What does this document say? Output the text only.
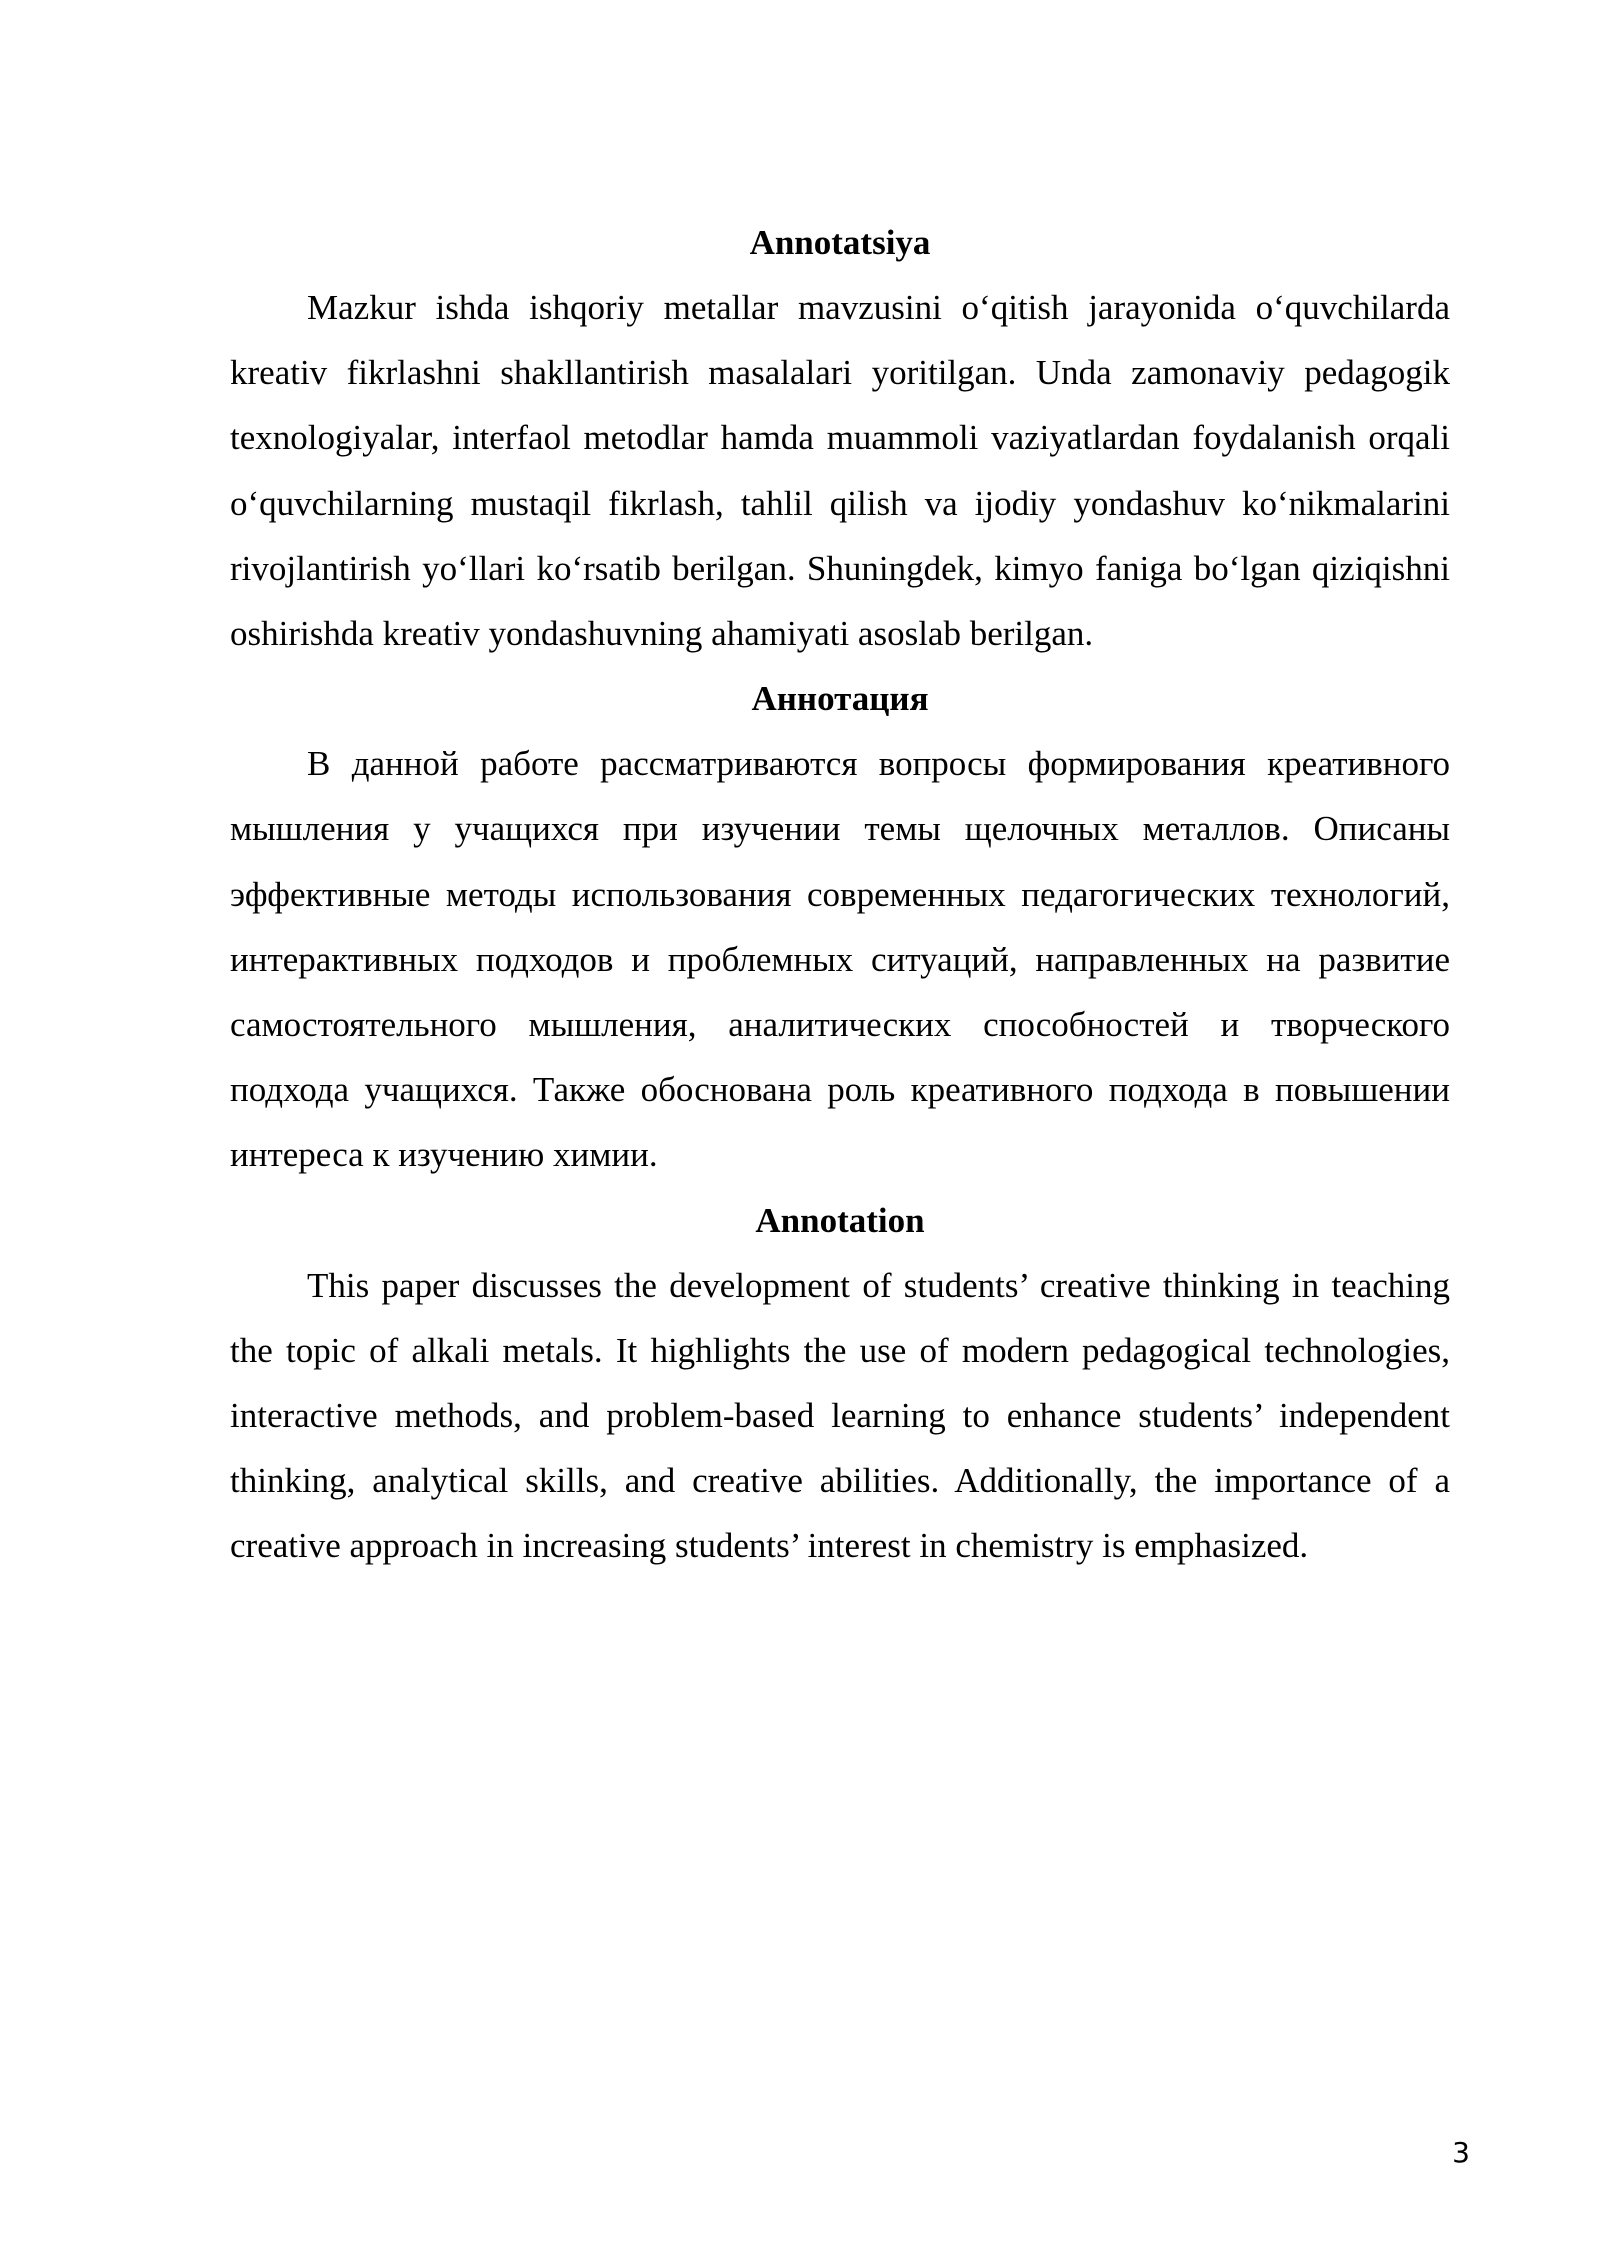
Annotatsiya

Mazkur ishda ishqoriy metallar mavzusini o‘qitish jarayonida o‘quvchilarda kreativ fikrlashni shakllantirish masalalari yoritilgan. Unda zamonaviy pedagogik texnologiyalar, interfaol metodlar hamda muammoli vaziyatlardan foydalanish orqali o‘quvchilarning mustaqil fikrlash, tahlil qilish va ijodiy yondashuv ko‘nikmalarini rivojlantirish yo‘llari ko‘rsatib berilgan. Shuningdek, kimyo faniga bo‘lgan qiziqishni oshirishda kreativ yondashuvning ahamiyati asoslab berilgan.

Аннотация

В данной работе рассматриваются вопросы формирования креативного мышления у учащихся при изучении темы щелочных металлов. Описаны эффективные методы использования современных педагогических технологий, интерактивных подходов и проблемных ситуаций, направленных на развитие самостоятельного мышления, аналитических способностей и творческого подхода учащихся. Также обоснована роль креативного подхода в повышении интереса к изучению химии.

Annotation

This paper discusses the development of students’ creative thinking in teaching the topic of alkali metals. It highlights the use of modern pedagogical technologies, interactive methods, and problem-based learning to enhance students’ independent thinking, analytical skills, and creative abilities. Additionally, the importance of a creative approach in increasing students’ interest in chemistry is emphasized.

3
